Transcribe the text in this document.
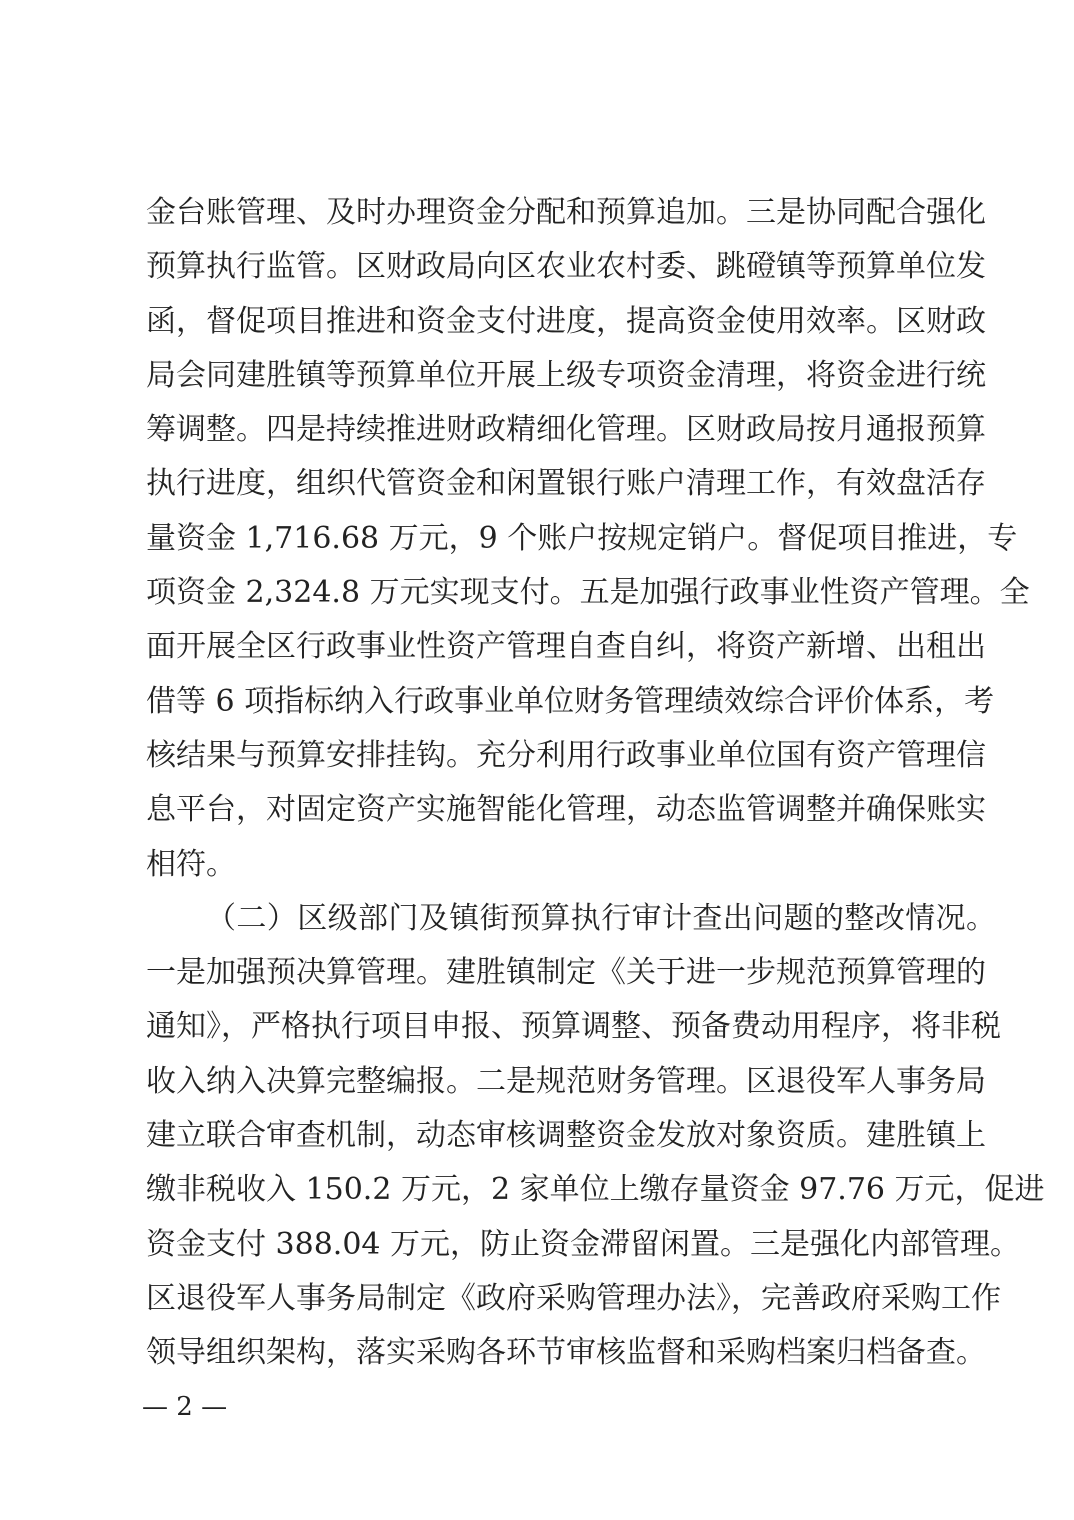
金台账管理、及时办理资金分配和预算追加。三是协同配合强化
预算执行监管。区财政局向区农业农村委、跳磴镇等预算单位发
函，督促项目推进和资金支付进度，提高资金使用效率。区财政
局会同建胜镇等预算单位开展上级专项资金清理，将资金进行统
筹调整。四是持续推进财政精细化管理。区财政局按月通报预算
执行进度，组织代管资金和闲置银行账户清理工作，有效盘活存
量资金 1,716.68 万元，9 个账户按规定销户。督促项目推进，专
项资金 2,324.8 万元实现支付。五是加强行政事业性资产管理。全
面开展全区行政事业性资产管理自查自纠，将资产新增、出租出
借等 6 项指标纳入行政事业单位财务管理绩效综合评价体系，考
核结果与预算安排挂钩。充分利用行政事业单位国有资产管理信
息平台，对固定资产实施智能化管理，动态监管调整并确保账实
相符。
（二）区级部门及镇街预算执行审计查出问题的整改情况。
一是加强预决算管理。建胜镇制定《关于进一步规范预算管理的
通知》，严格执行项目申报、预算调整、预备费动用程序，将非税
收入纳入决算完整编报。二是规范财务管理。区退役军人事务局
建立联合审查机制，动态审核调整资金发放对象资质。建胜镇上
缴非税收入 150.2 万元，2 家单位上缴存量资金 97.76 万元，促进
资金支付 388.04 万元，防止资金滞留闲置。三是强化内部管理。
区退役军人事务局制定《政府采购管理办法》，完善政府采购工作
领导组织架构，落实采购各环节审核监督和采购档案归档备查。
— 2 —
